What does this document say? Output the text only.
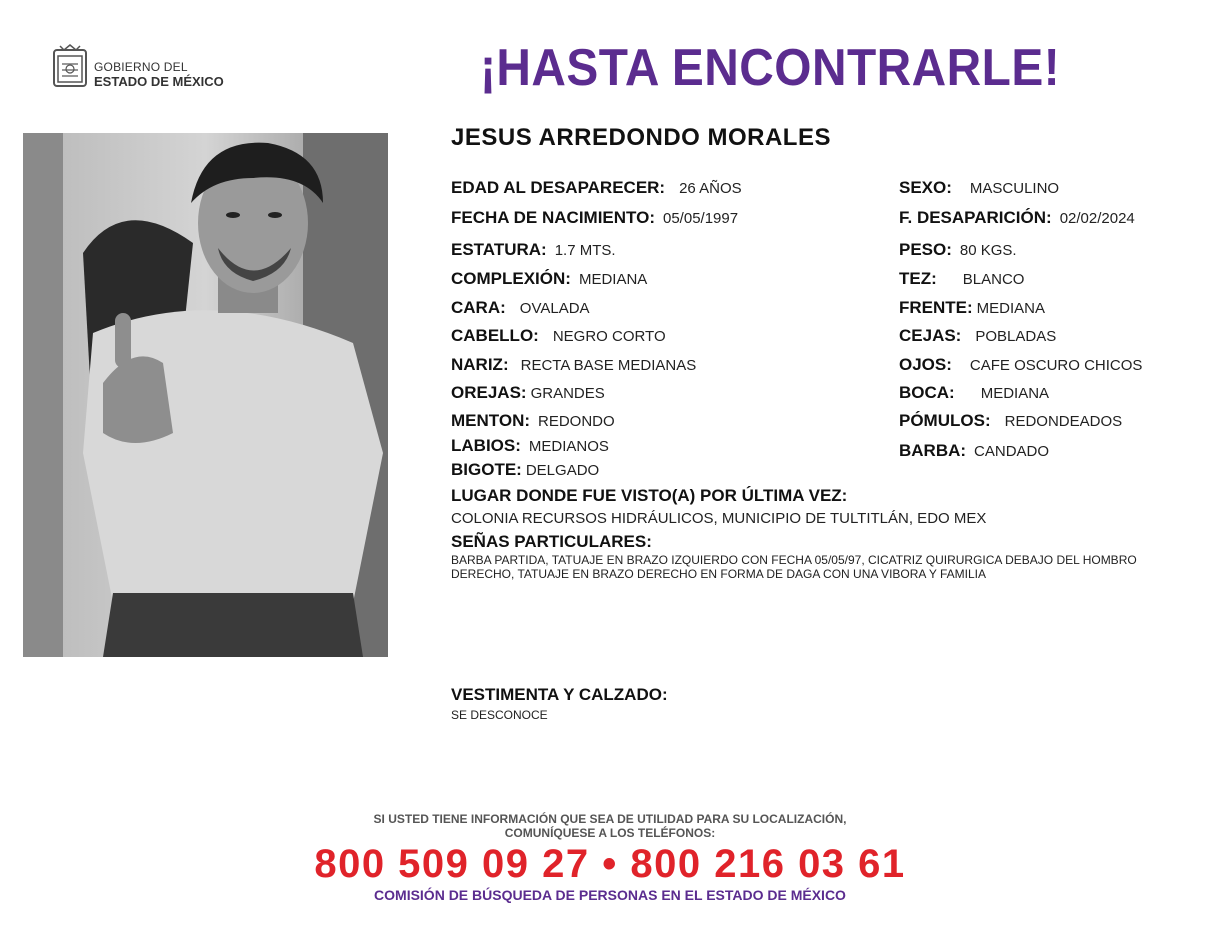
GOBIERNO DEL
ESTADO DE MÉXICO	¡HASTA ENCONTRARLE!
JESUS ARREDONDO MORALES
EDAD AL DESAPARECER: 26 AÑOS
FECHA DE NACIMIENTO: 05/05/1997
ESTATURA: 1.7 MTS.
COMPLEXIÓN: MEDIANA
CARA: OVALADA
CABELLO: NEGRO CORTO
NARIZ: RECTA BASE MEDIANAS
OREJAS: GRANDES
MENTON: REDONDO
LABIOS: MEDIANOS
BIGOTE: DELGADO
SEXO: MASCULINO
F. DESAPARICIÓN: 02/02/2024
PESO: 80 KGS.
TEZ: BLANCO
FRENTE: MEDIANA
CEJAS: POBLADAS
OJOS: CAFE OSCURO CHICOS
BOCA: MEDIANA
PÓMULOS: REDONDEADOS
BARBA: CANDADO
LUGAR DONDE FUE VISTO(A) POR ÚLTIMA VEZ:
COLONIA RECURSOS HIDRÁULICOS, MUNICIPIO DE TULTITLÁN, EDO MEX
SEÑAS PARTICULARES:
BARBA PARTIDA, TATUAJE EN BRAZO IZQUIERDO CON FECHA 05/05/97, CICATRIZ QUIRURGICA DEBAJO DEL HOMBRO DERECHO, TATUAJE EN BRAZO DERECHO EN FORMA DE DAGA CON UNA VIBORA Y FAMILIA
VESTIMENTA Y CALZADO:
SE DESCONOCE
SI USTED TIENE INFORMACIÓN QUE SEA DE UTILIDAD PARA SU LOCALIZACIÓN,
COMUNÍQUESE A LOS TELÉFONOS:
800 509 09 27 • 800 216 03 61
COMISIÓN DE BÚSQUEDA DE PERSONAS EN EL ESTADO DE MÉXICO
